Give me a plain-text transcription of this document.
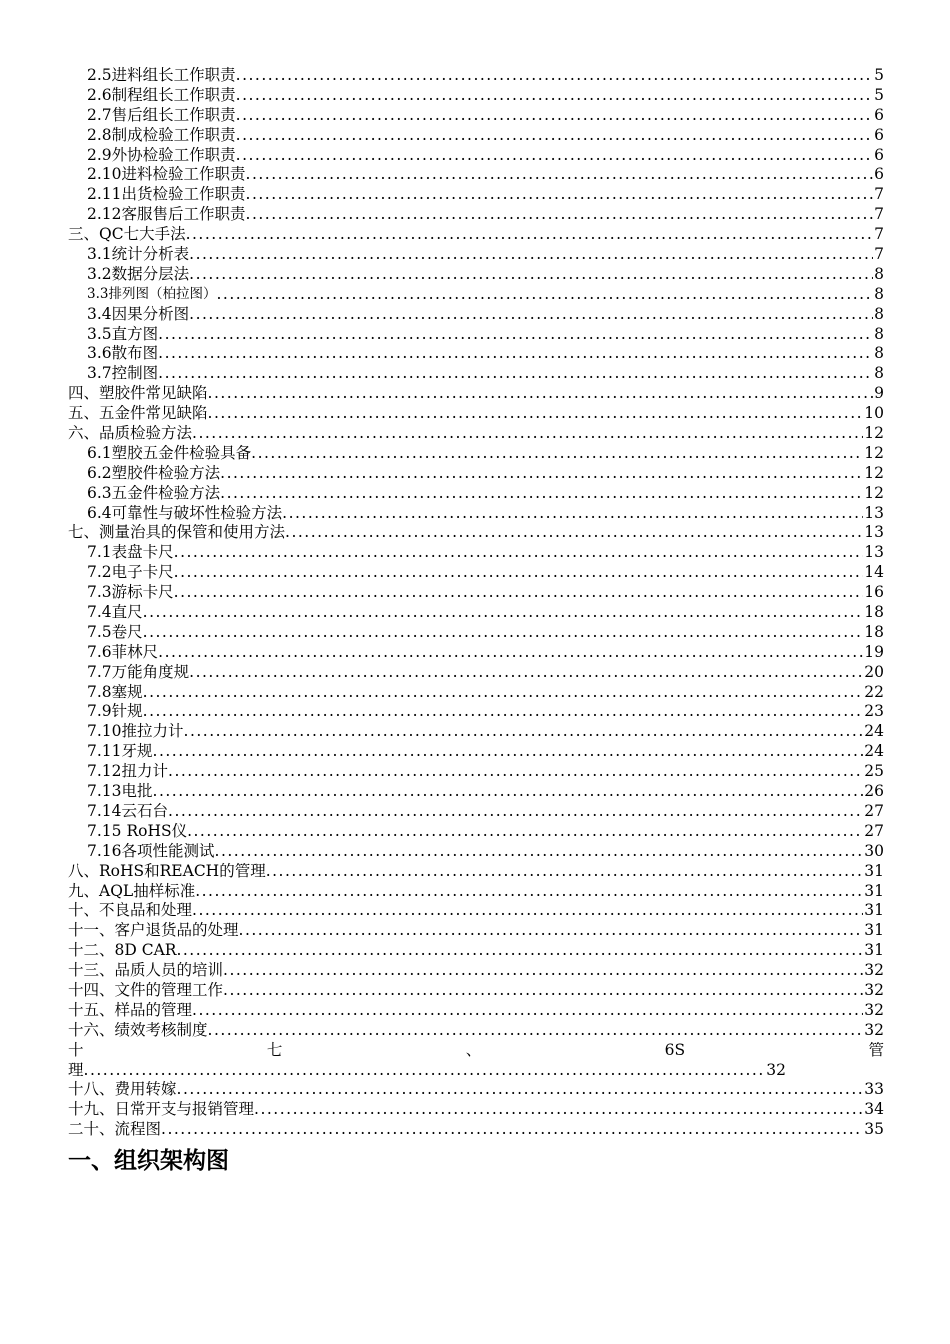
2.5进料组长工作职责 .....	5
2.6制程组长工作职责 .....	5
2.7售后组长工作职责 .....	6
2.8制成检验工作职责 .....	6
2.9外协检验工作职责 .....	6
2.10进料检验工作职责 .....	6
2.11出货检验工作职责 .....	7
2.12客服售后工作职责 .....	7
三、QC七大手法 .....	7
3.1统计分析表 .....	7
3.2数据分层法 .....	8
3.3排列图（柏拉图） .....	8
3.4因果分析图 .....	8
3.5直方图 .....	8
3.6散布图 .....	8
3.7控制图 .....	8
四、塑胶件常见缺陷 .....	9
五、五金件常见缺陷 .....	10
六、品质检验方法 .....	12
6.1塑胶五金件检验具备 .....	12
6.2塑胶件检验方法 .....	12
6.3五金件检验方法 .....	12
6.4可靠性与破坏性检验方法 .....	13
七、测量治具的保管和使用方法 .....	13
7.1表盘卡尺 .....	13
7.2电子卡尺 .....	14
7.3游标卡尺 .....	16
7.4直尺 .....	18
7.5卷尺 .....	18
7.6菲林尺 .....	19
7.7万能角度规 .....	20
7.8塞规 .....	22
7.9针规 .....	23
7.10推拉力计 .....	24
7.11牙规 .....	24
7.12扭力计 .....	25
7.13电批 .....	26
7.14云石台 .....	27
7.15 RoHS仪 .....	27
7.16各项性能测试 .....	30
八、RoHS和REACH的管理 .....	31
九、AQL抽样标准 .....	31
十、不良品和处理 .....	31
十一、客户退货品的处理 .....	31
十二、8D CAR .....	31
十三、品质人员的培训 .....	32
十四、文件的管理工作 .....	32
十五、样品的管理 .....	32
十六、绩效考核制度 .....	32
十	七	、	6S	管
理 .....	32
十八、费用转嫁 .....	33
十九、日常开支与报销管理 .....	34
二十、流程图 .....	35
一、组织架构图
